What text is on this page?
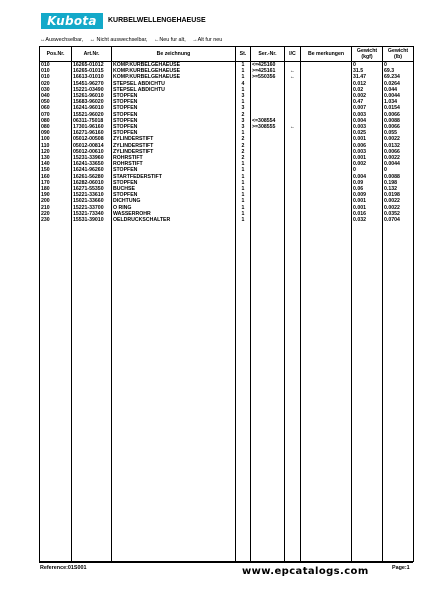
Kubota	KURBELWELLENGEHAEUSE
↔Auswechselbar, ↔ Nicht auswechselbar, ←Neu fur alt, →Alt fur neu
Pos.Nr.	Art.Nr.	Be zeichnung	St.	Ser.-Nr.	I/C	Be merkungen	Gewicht (kgf)	Gewicht (lb)
010	16265-01012	KOMP.KURBELGEHAEUSE	1	<=425160			0	0
010	16265-01015	KOMP.KURBELGEHAEUSE	1	>=425161	←		31.5	69.3
010	16613-01010	KOMP.KURBELGEHAEUSE	1	>=550356	←		31.47	69.234
020	15451-96270	STEPSEL ABDICHTU	4				0.012	0.0264
030	15221-03490	STEPSEL ABDICHTU	1				0.02	0.044
040	15261-96010	STOPFEN	3				0.002	0.0044
050	15683-96020	STOPFEN	1				0.47	1.034
060	16241-96010	STOPFEN	3				0.007	0.0154
070	15521-96020	STOPFEN	2				0.003	0.0066
080	06311-75018	STOPFEN	3	<=308554			0.004	0.0088
080	17301-96160	STOPFEN	3	>=308555	←		0.003	0.0066
090	16271-96160	STOPFEN	1				0.025	0.055
100	05012-00508	ZYLINDERSTIFT	2				0.001	0.0022
110	05012-00814	ZYLINDERSTIFT	2				0.006	0.0132
120	05012-00610	ZYLINDERSTIFT	2				0.003	0.0066
130	15231-33960	ROHRSTIFT	2				0.001	0.0022
140	16241-33650	ROHRSTIFT	1				0.002	0.0044
150	16241-96260	STOPFEN	1				0	0
160	16261-56280	STARTFEDERSTIFT	1				0.004	0.0088
170	16282-06010	STOPFEN	1				0.09	0.198
180	16271-55350	BUCHSE	1				0.06	0.132
190	15221-33610	STOPFEN	1				0.009	0.0198
200	15021-33660	DICHTUNG	1				0.001	0.0022
210	15221-33700	O RING	1				0.001	0.0022
220	15321-73340	WASSERROHR	1				0.016	0.0352
230	15531-39010	OELDRUCKSCHALTER	1				0.032	0.0704

Reference:01S001	www.epcatalogs.com	Page:1
